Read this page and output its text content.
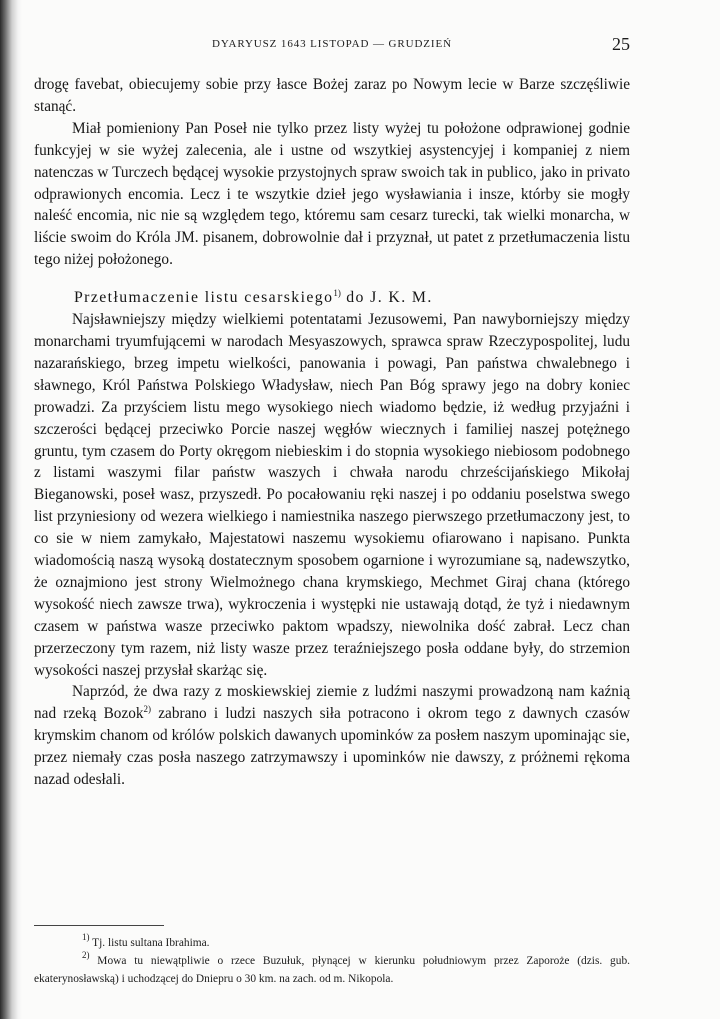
DYARYUSZ 1643 LISTOPAD — GRUDZIEŃ	25

drogę favebat, obiecujemy sobie przy łasce Bożej zaraz po Nowym lecie w Barze szczęśliwie stanąć.

Miał pomieniony Pan Poseł nie tylko przez listy wyżej tu położone odprawionej godnie funkcyjej w sie wyżej zalecenia, ale i ustne od wszytkiej asystencyjej i kompaniej z niem natenczas w Turczech będącej wysokie przystojnych spraw swoich tak in publico, jako in privato odprawionych encomia. Lecz i te wszytkie dzieł jego wysławiania i insze, którby sie mogły naleść encomia, nic nie są względem tego, któremu sam cesarz turecki, tak wielki monarcha, w liście swoim do Króla JM. pisanem, dobrowolnie dał i przyznał, ut patet z przetłumaczenia listu tego niżej położonego.

Przetłumaczenie listu cesarskiego$^{1)}$ do J. K. M.

Najsławniejszy między wielkiemi potentatami Jezusowemi, Pan nawyborniejszy między monarchami tryumfującemi w narodach Mesyaszowych, sprawca spraw Rzeczypospolitej, ludu nazarańskiego, brzeg impetu wielkości, panowania i powagi, Pan państwa chwalebnego i sławnego, Król Państwa Polskiego Władysław, niech Pan Bóg sprawy jego na dobry koniec prowadzi. Za przyściem listu mego wysokiego niech wiadomo będzie, iż według przyjaźni i szczerości będącej przeciwko Porcie naszej węgłów wiecznych i familiej naszej potężnego gruntu, tym czasem do Porty okręgom niebieskim i do stopnia wysokiego niebiosom podobnego z listami waszymi filar państw waszych i chwała narodu chrześcijańskiego Mikołaj Bieganowski, poseł wasz, przyszedł. Po pocałowaniu ręki naszej i po oddaniu poselstwa swego list przyniesiony od wezera wielkiego i namiestnika naszego pierwszego przetłumaczony jest, to co sie w niem zamykało, Majestatowi naszemu wysokiemu ofiarowano i napisano. Punkta wiadomością naszą wysoką dostatecznym sposobem ogarnione i wyrozumiane są, nadewszytko, że oznajmiono jest strony Wielmożnego chana krymskiego, Mechmet Giraj chana (którego wysokość niech zawsze trwa), wykroczenia i występki nie ustawają dotąd, że tyż i niedawnym czasem w państwa wasze przeciwko paktom wpadszy, niewolnika dość zabrał. Lecz chan przerzeczony tym razem, niż listy wasze przez teraźniejszego posła oddane były, do strzemion wysokości naszej przysłał skarżąc się.

Naprzód, że dwa razy z moskiewskiej ziemie z ludźmi naszymi prowadzoną nam kaźnią nad rzeką Bozok$^{2)}$ zabrano i ludzi naszych siła potracono i okrom tego z dawnych czasów krymskim chanom od królów polskich dawanych upominków za posłem naszym upominając sie, przez niemały czas posła naszego zatrzymawszy i upominków nie dawszy, z próżnemi rękoma nazad odesłali.

$^{1)}$ Tj. listu sultana Ibrahima.

$^{2)}$ Mowa tu niewątpliwie o rzece Buzułuk, płynącej w kierunku południowym przez Zaporoże (dzis. gub. ekaterynosławską) i uchodzącej do Dniepru o 30 km. na zach. od m. Nikopola.
